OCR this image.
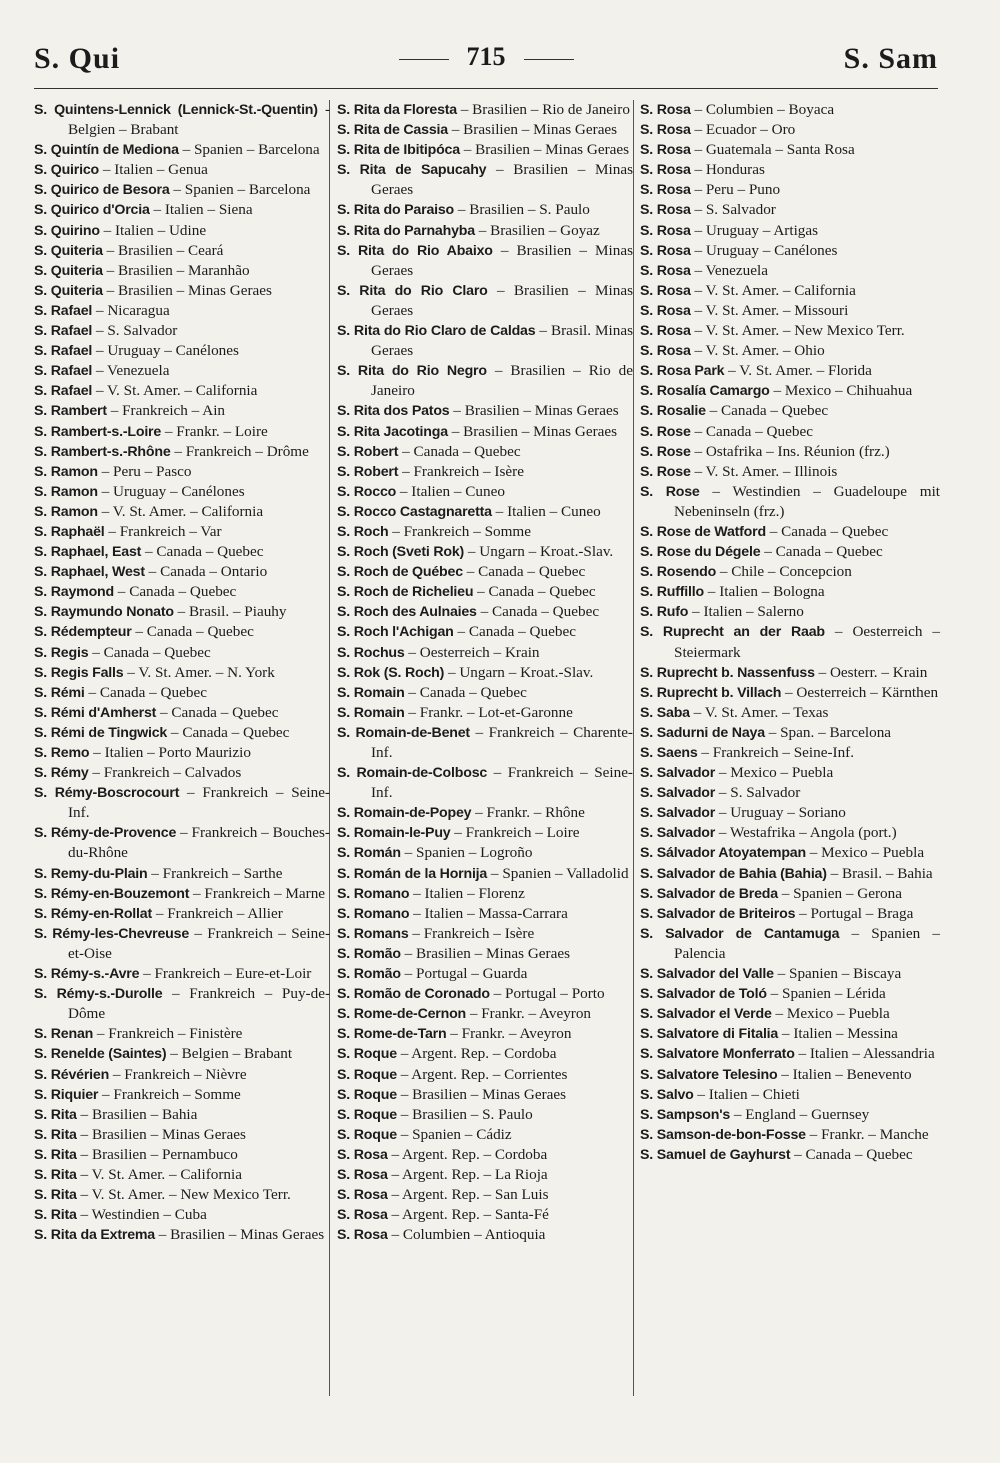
S. Qui	715	S. Sam
S. Quintens-Lennick (Lennick-St.-Quentin) - Belgien – Brabant
S. Quintín de Mediona – Spanien – Barcelona
S. Quirico – Italien – Genua
S. Quirico de Besora – Spanien – Barcelona
S. Quirico d'Orcia – Italien – Siena
S. Quirino – Italien – Udine
S. Quiteria – Brasilien – Ceará
S. Quiteria – Brasilien – Maranhão
S. Quiteria – Brasilien – Minas Geraes
S. Rafael – Nicaragua
S. Rafael – S. Salvador
S. Rafael – Uruguay – Canélones
S. Rafael – Venezuela
S. Rafael – V. St. Amer. – California
S. Rambert – Frankreich – Ain
S. Rambert-s.-Loire – Frankr. – Loire
S. Rambert-s.-Rhône – Frankreich – Drôme
S. Ramon – Peru – Pasco
S. Ramon – Uruguay – Canélones
S. Ramon – V. St. Amer. – California
S. Raphaël – Frankreich – Var
S. Raphael, East – Canada – Quebec
S. Raphael, West – Canada – Ontario
S. Raymond – Canada – Quebec
S. Raymundo Nonato – Brasil. – Piauhy
S. Rédempteur – Canada – Quebec
S. Regis – Canada – Quebec
S. Regis Falls – V. St. Amer. – N. York
S. Rémi – Canada – Quebec
S. Rémi d'Amherst – Canada – Quebec
S. Rémi de Tingwick – Canada – Quebec
S. Remo – Italien – Porto Maurizio
S. Rémy – Frankreich – Calvados
S. Rémy-Boscrocourt – Frankreich – Seine-Inf.
S. Rémy-de-Provence – Frankreich – Bouches-du-Rhône
S. Remy-du-Plain – Frankreich – Sarthe
S. Rémy-en-Bouzemont – Frankreich – Marne
S. Rémy-en-Rollat – Frankreich – Allier
S. Rémy-les-Chevreuse – Frankreich – Seine-et-Oise
S. Rémy-s.-Avre – Frankreich – Eure-et-Loir
S. Rémy-s.-Durolle – Frankreich – Puy-de-Dôme
S. Renan – Frankreich – Finistère
S. Renelde (Saintes) – Belgien – Brabant
S. Révérien – Frankreich – Nièvre
S. Riquier – Frankreich – Somme
S. Rita – Brasilien – Bahia
S. Rita – Brasilien – Minas Geraes
S. Rita – Brasilien – Pernambuco
S. Rita – V. St. Amer. – California
S. Rita – V. St. Amer. – New Mexico Terr.
S. Rita – Westindien – Cuba
S. Rita da Extrema – Brasilien – Minas Geraes
S. Rita da Floresta – Brasilien – Rio de Janeiro
S. Rita de Cassia – Brasilien – Minas Geraes
S. Rita de Ibitipóca – Brasilien – Minas Geraes
S. Rita de Sapucahy – Brasilien – Minas Geraes
S. Rita do Paraiso – Brasilien – S. Paulo
S. Rita do Parnahyba – Brasilien – Goyaz
S. Rita do Rio Abaixo – Brasilien – Minas Geraes
S. Rita do Rio Claro – Brasilien – Minas Geraes
S. Rita do Rio Claro de Caldas – Brasil. Minas Geraes
S. Rita do Rio Negro – Brasilien – Rio de Janeiro
S. Rita dos Patos – Brasilien – Minas Geraes
S. Rita Jacotinga – Brasilien – Minas Geraes
S. Robert – Canada – Quebec
S. Robert – Frankreich – Isère
S. Rocco – Italien – Cuneo
S. Rocco Castagnaretta – Italien – Cuneo
S. Roch – Frankreich – Somme
S. Roch (Sveti Rok) – Ungarn – Kroat.-Slav.
S. Roch de Québec – Canada – Quebec
S. Roch de Richelieu – Canada – Quebec
S. Roch des Aulnaies – Canada – Quebec
S. Roch l'Achigan – Canada – Quebec
S. Rochus – Oesterreich – Krain
S. Rok (S. Roch) – Ungarn – Kroat.-Slav.
S. Romain – Canada – Quebec
S. Romain – Frankr. – Lot-et-Garonne
S. Romain-de-Benet – Frankreich – Charente-Inf.
S. Romain-de-Colbosc – Frankreich – Seine-Inf.
S. Romain-de-Popey – Frankr. – Rhône
S. Romain-le-Puy – Frankreich – Loire
S. Román – Spanien – Logroño
S. Román de la Hornija – Spanien – Valladolid
S. Romano – Italien – Florenz
S. Romano – Italien – Massa-Carrara
S. Romans – Frankreich – Isère
S. Romão – Brasilien – Minas Geraes
S. Romão – Portugal – Guarda
S. Romão de Coronado – Portugal – Porto
S. Rome-de-Cernon – Frankr. – Aveyron
S. Rome-de-Tarn – Frankr. – Aveyron
S. Roque – Argent. Rep. – Cordoba
S. Roque – Argent. Rep. – Corrientes
S. Roque – Brasilien – Minas Geraes
S. Roque – Brasilien – S. Paulo
S. Roque – Spanien – Cádiz
S. Rosa – Argent. Rep. – Cordoba
S. Rosa – Argent. Rep. – La Rioja
S. Rosa – Argent. Rep. – San Luis
S. Rosa – Argent. Rep. – Santa-Fé
S. Rosa – Columbien – Antioquia
S. Rosa – Columbien – Boyaca
S. Rosa – Ecuador – Oro
S. Rosa – Guatemala – Santa Rosa
S. Rosa – Honduras
S. Rosa – Peru – Puno
S. Rosa – S. Salvador
S. Rosa – Uruguay – Artigas
S. Rosa – Uruguay – Canélones
S. Rosa – Venezuela
S. Rosa – V. St. Amer. – California
S. Rosa – V. St. Amer. – Missouri
S. Rosa – V. St. Amer. – New Mexico Terr.
S. Rosa – V. St. Amer. – Ohio
S. Rosa Park – V. St. Amer. – Florida
S. Rosalía Camargo – Mexico – Chihuahua
S. Rosalie – Canada – Quebec
S. Rose – Canada – Quebec
S. Rose – Ostafrika – Ins. Réunion (frz.)
S. Rose – V. St. Amer. – Illinois
S. Rose – Westindien – Guadeloupe mit Nebeninseln (frz.)
S. Rose de Watford – Canada – Quebec
S. Rose du Dégele – Canada – Quebec
S. Rosendo – Chile – Concepcion
S. Ruffillo – Italien – Bologna
S. Rufo – Italien – Salerno
S. Ruprecht an der Raab – Oesterreich – Steiermark
S. Ruprecht b. Nassenfuss – Oesterr. – Krain
S. Ruprecht b. Villach – Oesterreich – Kärnthen
S. Saba – V. St. Amer. – Texas
S. Sadurni de Naya – Span. – Barcelona
S. Saens – Frankreich – Seine-Inf.
S. Salvador – Mexico – Puebla
S. Salvador – S. Salvador
S. Salvador – Uruguay – Soriano
S. Salvador – Westafrika – Angola (port.)
S. Sálvador Atoyatempan – Mexico – Puebla
S. Salvador de Bahia (Bahia) – Brasil. – Bahia
S. Salvador de Breda – Spanien – Gerona
S. Salvador de Briteiros – Portugal – Braga
S. Salvador de Cantamuga – Spanien – Palencia
S. Salvador del Valle – Spanien – Biscaya
S. Salvador de Toló – Spanien – Lérida
S. Salvador el Verde – Mexico – Puebla
S. Salvatore di Fitalia – Italien – Messina
S. Salvatore Monferrato – Italien – Alessandria
S. Salvatore Telesino – Italien – Benevento
S. Salvo – Italien – Chieti
S. Sampson's – England – Guernsey
S. Samson-de-bon-Fosse – Frankr. – Manche
S. Samuel de Gayhurst – Canada – Quebec
